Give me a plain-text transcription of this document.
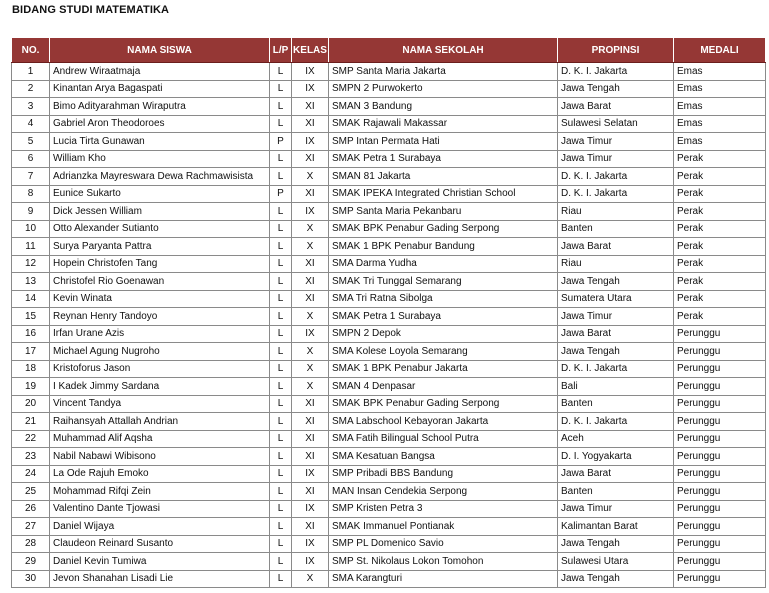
BIDANG STUDI MATEMATIKA
NO.	NAMA SISWA	L/P	KELAS	NAMA SEKOLAH	PROPINSI	MEDALI
1	Andrew Wiraatmaja	L	IX	SMP Santa Maria Jakarta	D. K. I. Jakarta	Emas
2	Kinantan Arya Bagaspati	L	IX	SMPN 2 Purwokerto	Jawa Tengah	Emas
3	Bimo Adityarahman Wiraputra	L	XI	SMAN 3 Bandung	Jawa Barat	Emas
4	Gabriel Aron Theodoroes	L	XI	SMAK Rajawali Makassar	Sulawesi Selatan	Emas
5	Lucia Tirta Gunawan	P	IX	SMP Intan Permata Hati	Jawa Timur	Emas
6	William Kho	L	XI	SMAK Petra 1 Surabaya	Jawa Timur	Perak
7	Adrianzka Mayreswara Dewa Rachmawisista	L	X	SMAN 81 Jakarta	D. K. I. Jakarta	Perak
8	Eunice Sukarto	P	XI	SMAK IPEKA Integrated Christian School	D. K. I. Jakarta	Perak
9	Dick Jessen William	L	IX	SMP Santa Maria Pekanbaru	Riau	Perak
10	Otto Alexander Sutianto	L	X	SMAK BPK Penabur Gading Serpong	Banten	Perak
11	Surya Paryanta Pattra	L	X	SMAK 1 BPK Penabur Bandung	Jawa Barat	Perak
12	Hopein Christofen Tang	L	XI	SMA Darma Yudha	Riau	Perak
13	Christofel Rio Goenawan	L	XI	SMAK Tri Tunggal Semarang	Jawa Tengah	Perak
14	Kevin Winata	L	XI	SMA Tri Ratna Sibolga	Sumatera Utara	Perak
15	Reynan Henry Tandoyo	L	X	SMAK Petra 1 Surabaya	Jawa Timur	Perak
16	Irfan Urane Azis	L	IX	SMPN 2 Depok	Jawa Barat	Perunggu
17	Michael Agung Nugroho	L	X	SMA Kolese Loyola Semarang	Jawa Tengah	Perunggu
18	Kristoforus Jason	L	X	SMAK 1 BPK Penabur Jakarta	D. K. I. Jakarta	Perunggu
19	I Kadek Jimmy Sardana	L	X	SMAN 4 Denpasar	Bali	Perunggu
20	Vincent Tandya	L	XI	SMAK BPK Penabur Gading Serpong	Banten	Perunggu
21	Raihansyah Attallah Andrian	L	XI	SMA Labschool Kebayoran Jakarta	D. K. I. Jakarta	Perunggu
22	Muhammad Alif Aqsha	L	XI	SMA Fatih Bilingual School Putra	Aceh	Perunggu
23	Nabil Nabawi Wibisono	L	XI	SMA Kesatuan Bangsa	D. I. Yogyakarta	Perunggu
24	La Ode Rajuh Emoko	L	IX	SMP Pribadi BBS Bandung	Jawa Barat	Perunggu
25	Mohammad Rifqi Zein	L	XI	MAN Insan Cendekia Serpong	Banten	Perunggu
26	Valentino Dante Tjowasi	L	IX	SMP Kristen Petra 3	Jawa Timur	Perunggu
27	Daniel Wijaya	L	XI	SMAK Immanuel Pontianak	Kalimantan Barat	Perunggu
28	Claudeon Reinard Susanto	L	IX	SMP PL Domenico Savio	Jawa Tengah	Perunggu
29	Daniel Kevin Tumiwa	L	IX	SMP St. Nikolaus Lokon Tomohon	Sulawesi Utara	Perunggu
30	Jevon Shanahan Lisadi Lie	L	X	SMA Karangturi	Jawa Tengah	Perunggu
